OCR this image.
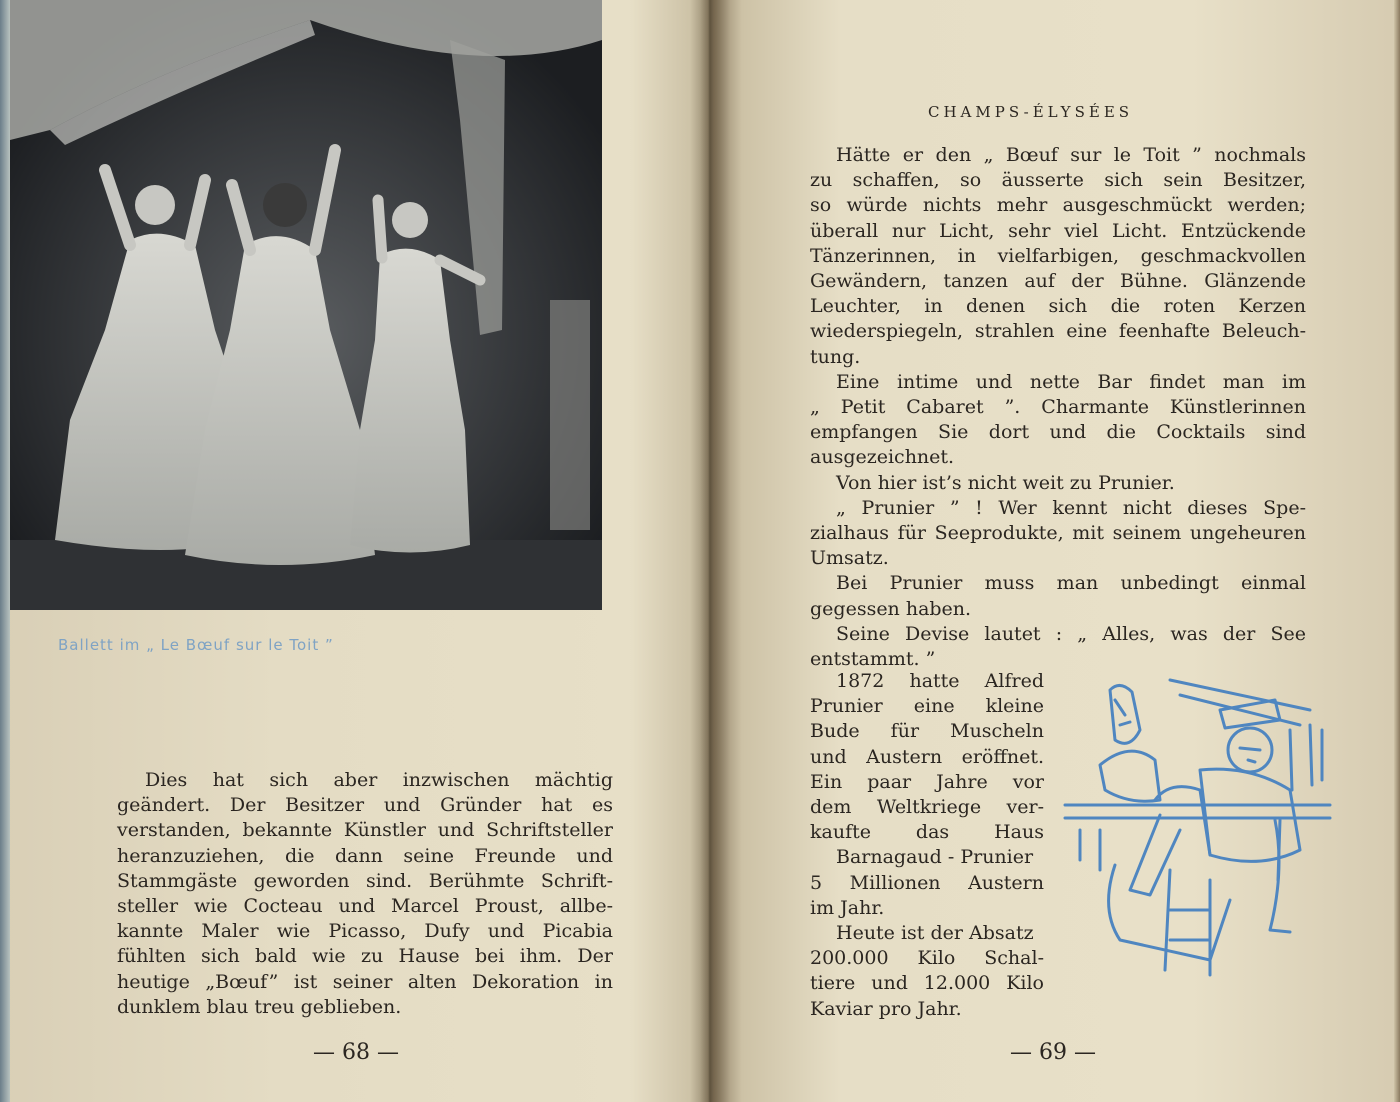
Ballett im „ Le Bœuf sur le Toit ”
Dies hat sich aber inzwischen mächtig
geändert. Der Besitzer und Gründer hat es
verstanden, bekannte Künstler und Schriftsteller
heranzuziehen, die dann seine Freunde und
Stammgäste geworden sind. Berühmte Schrift-
steller wie Cocteau und Marcel Proust, allbe-
kannte Maler wie Picasso, Dufy und Picabia
fühlten sich bald wie zu Hause bei ihm. Der
heutige „Bœuf” ist seiner alten Dekoration in
dunklem blau treu geblieben.
— 68 —
CHAMPS-ÉLYSÉES
Hätte er den „ Bœuf sur le Toit ” nochmals
zu schaffen, so äusserte sich sein Besitzer,
so würde nichts mehr ausgeschmückt werden;
überall nur Licht, sehr viel Licht. Entzückende
Tänzerinnen, in vielfarbigen, geschmackvollen
Gewändern, tanzen auf der Bühne. Glänzende
Leuchter, in denen sich die roten Kerzen
wiederspiegeln, strahlen eine feenhafte Beleuch-
tung.
Eine intime und nette Bar findet man im
„ Petit Cabaret ”. Charmante Künstlerinnen
empfangen Sie dort und die Cocktails sind
ausgezeichnet.
Von hier ist’s nicht weit zu Prunier.
„ Prunier ” ! Wer kennt nicht dieses Spe-
zialhaus für Seeprodukte, mit seinem ungeheuren
Umsatz.
Bei Prunier muss man unbedingt einmal
gegessen haben.
Seine Devise lautet : „ Alles, was der See
entstammt. ”
1872 hatte Alfred
Prunier eine kleine
Bude für Muscheln
und Austern eröffnet.
Ein paar Jahre vor
dem Weltkriege ver-
kaufte das Haus
Barnagaud - Prunier
5 Millionen Austern
im Jahr.
Heute ist der Absatz
200.000 Kilo Schal-
tiere und 12.000 Kilo
Kaviar pro Jahr.
— 69 —
